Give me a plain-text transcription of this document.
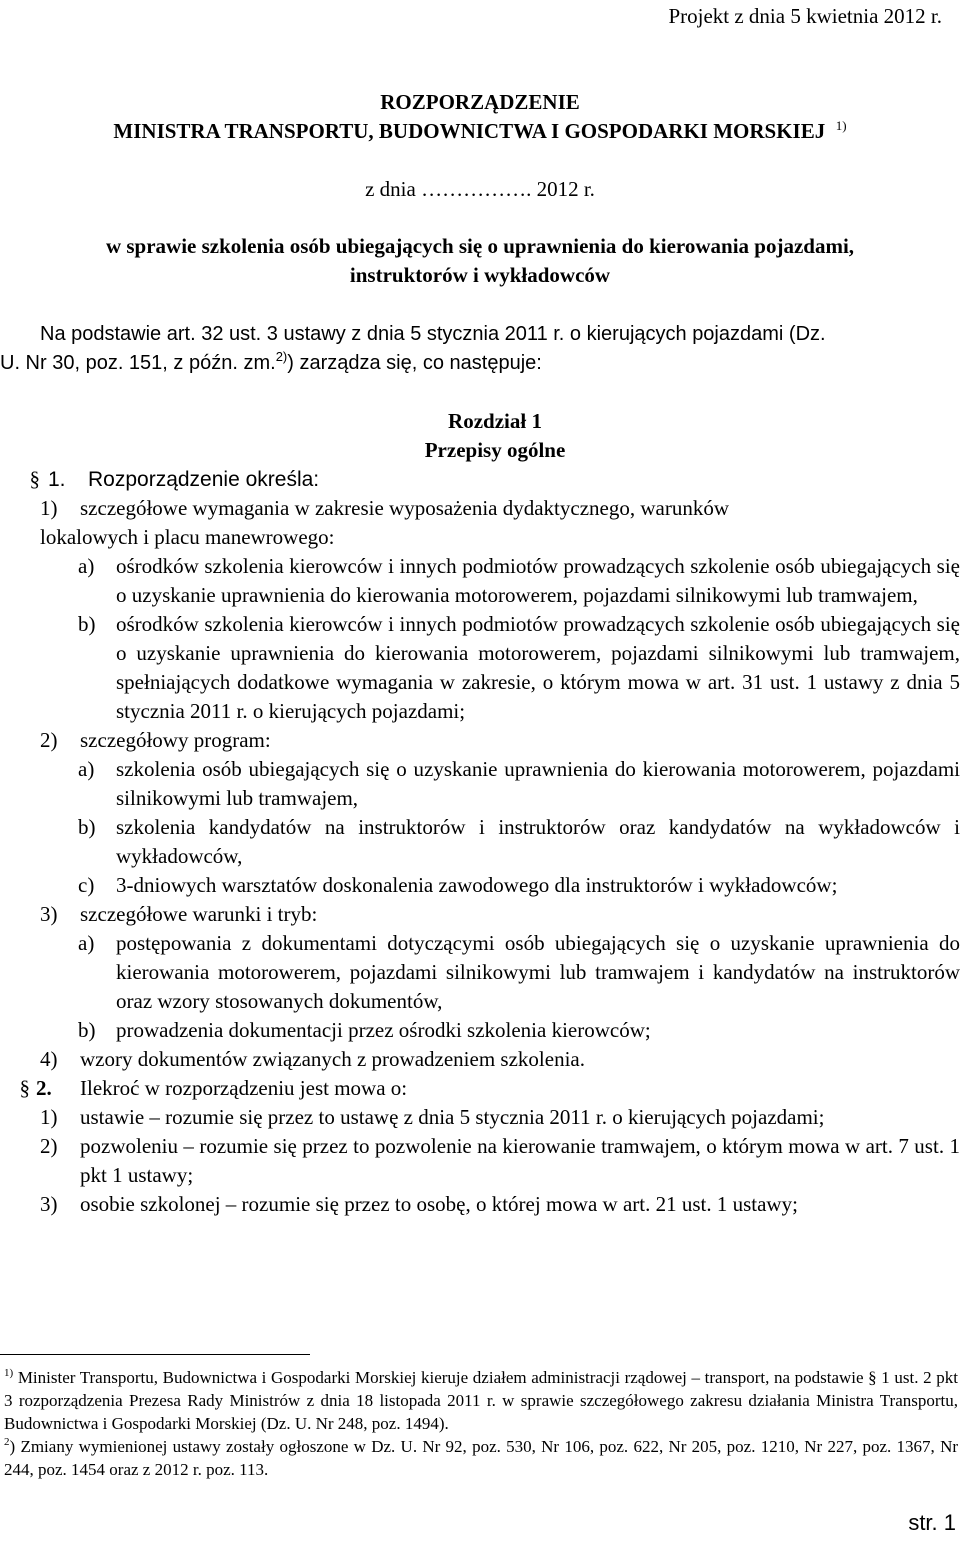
Projekt z dnia 5 kwietnia 2012 r.
ROZPORZĄDZENIE
MINISTRA TRANSPORTU, BUDOWNICTWA I GOSPODARKI MORSKIEJ $^{1)}$
z dnia ……………. 2012 r.
w sprawie szkolenia osób ubiegających się o uprawnienia do kierowania pojazdami,
instruktorów i wykładowców
Na podstawie art. 32 ust. 3 ustawy z dnia 5 stycznia 2011 r. o kierujących pojazdami (Dz.
U. Nr 30, poz. 151, z późn. zm.$^{2)}$) zarządza się, co następuje:
Rozdział 1
Przepisy ogólne
§ 1.	Rozporządzenie określa:
1)	szczegółowe wymagania w zakresie wyposażenia dydaktycznego, warunków
lokalowych i placu manewrowego:
a)	ośrodków szkolenia kierowców i innych podmiotów prowadzących szkolenie osób ubiegających się o uzyskanie uprawnienia do kierowania motorowerem, pojazdami silnikowymi lub tramwajem,
b) ośrodków szkolenia kierowców i innych podmiotów prowadzących szkolenie osób ubiegających się o uzyskanie uprawnienia do kierowania motorowerem, pojazdami silnikowymi lub tramwajem, spełniających dodatkowe wymagania w zakresie, o którym mowa w art. 31 ust. 1 ustawy z dnia 5 stycznia 2011 r. o kierujących pojazdami;
2)	szczegółowy program:
a)	szkolenia osób ubiegających się o uzyskanie uprawnienia do kierowania motorowerem, pojazdami silnikowymi lub tramwajem,
b) szkolenia kandydatów na instruktorów i instruktorów oraz kandydatów na wykładowców i wykładowców,
c)	3-dniowych warsztatów doskonalenia zawodowego dla instruktorów i wykładowców;
3)	szczegółowe warunki i tryb:
a)	postępowania z dokumentami dotyczącymi osób ubiegających się o uzyskanie uprawnienia do kierowania motorowerem, pojazdami silnikowymi lub tramwajem i kandydatów na instruktorów oraz wzory stosowanych dokumentów,
b) prowadzenia dokumentacji przez ośrodki szkolenia kierowców;
4)	wzory dokumentów związanych z prowadzeniem szkolenia.
§ 2.	Ilekroć w rozporządzeniu jest mowa o:
1)	ustawie – rozumie się przez to ustawę z dnia 5 stycznia 2011 r. o kierujących pojazdami;
2)	pozwoleniu – rozumie się przez to pozwolenie na kierowanie tramwajem, o którym mowa w art. 7 ust. 1 pkt 1 ustawy;
3)	osobie szkolonej – rozumie się przez to osobę, o której mowa w art. 21 ust. 1 ustawy;
$^{1)}$ Minister Transportu, Budownictwa i Gospodarki Morskiej kieruje działem administracji rządowej – transport, na podstawie § 1 ust. 2 pkt 3 rozporządzenia Prezesa Rady Ministrów z dnia 18 listopada 2011 r. w sprawie szczegółowego zakresu działania Ministra Transportu, Budownictwa i Gospodarki Morskiej (Dz. U. Nr 248, poz. 1494).
$^2$) Zmiany wymienionej ustawy zostały ogłoszone w Dz. U. Nr 92, poz. 530, Nr 106, poz. 622, Nr 205, poz. 1210, Nr 227, poz. 1367, Nr 244, poz. 1454 oraz z 2012 r. poz. 113.
str. 1
